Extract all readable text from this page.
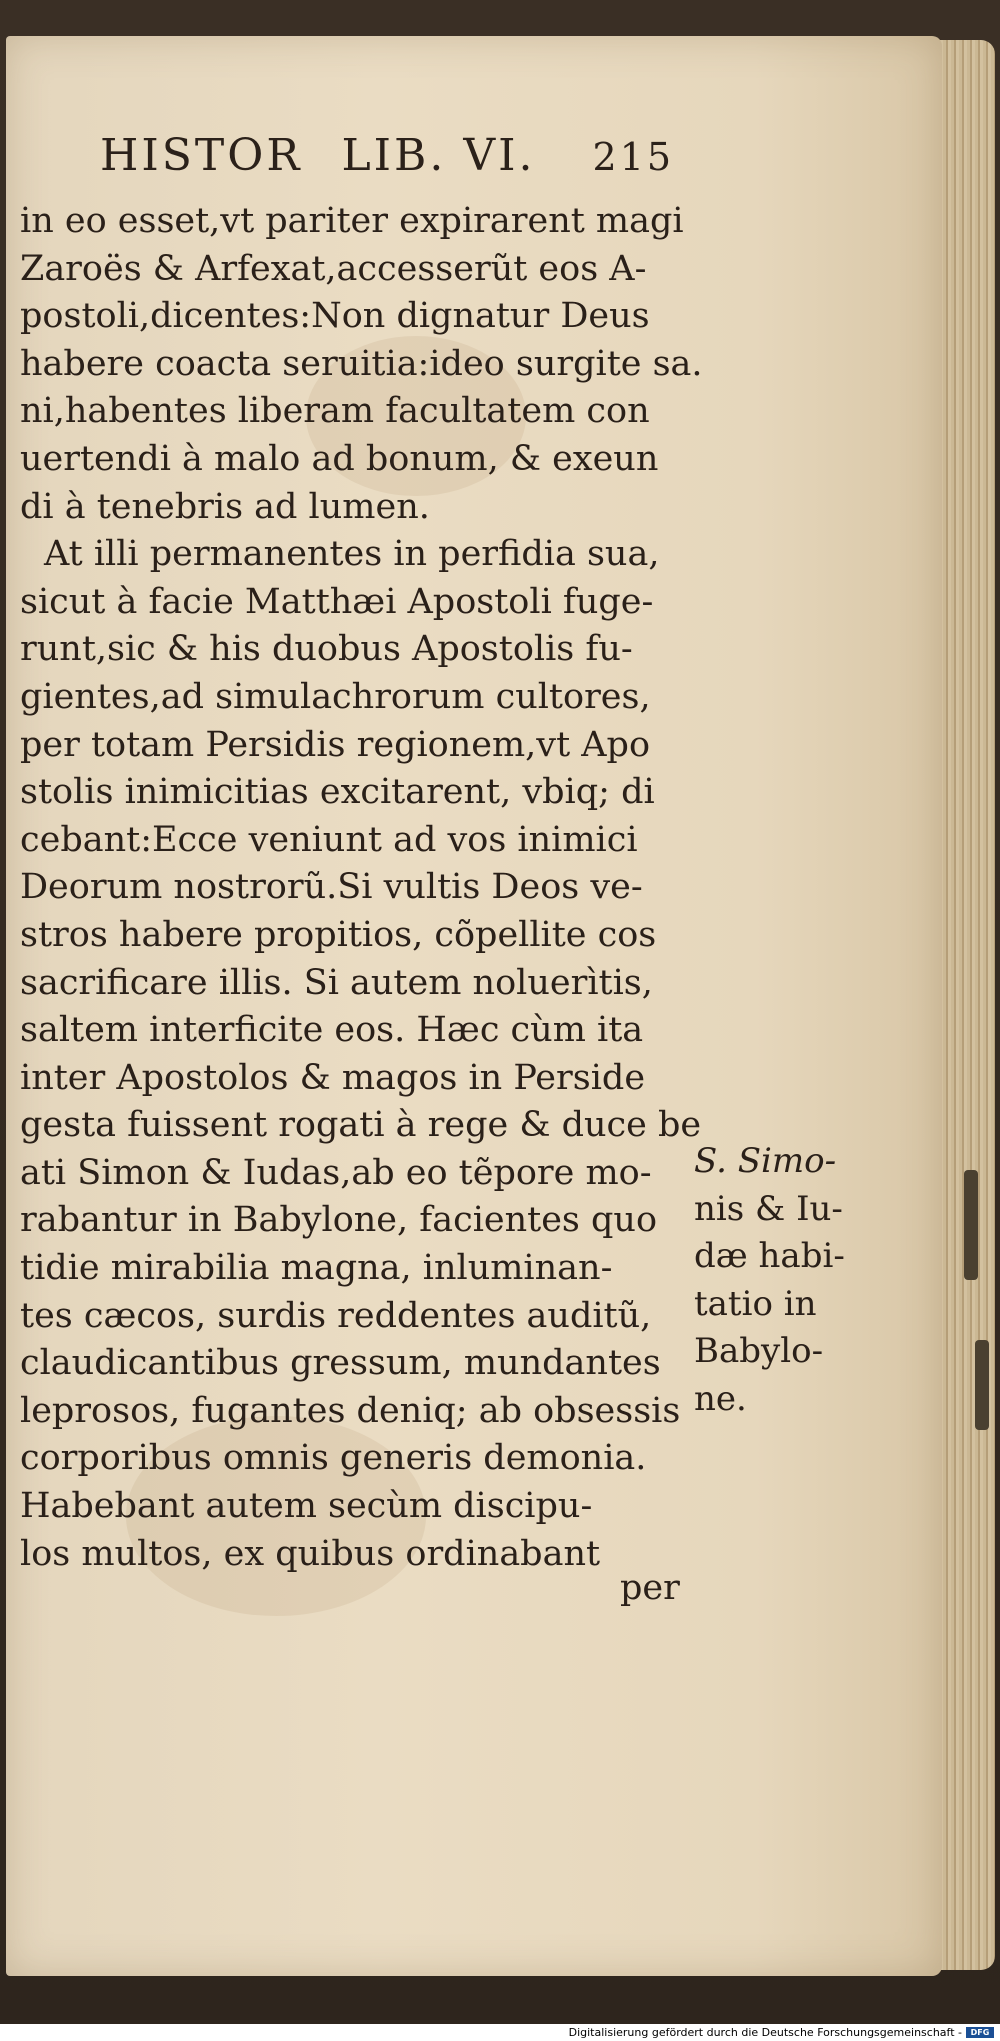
HISTOR LIB. VI. 215
in eo esset,vt pariter expirarent magi
Zaroës & Arfexat,accesserũt eos A-
postoli,dicentes:Non dignatur Deus
habere coacta seruitia:ideo surgite sa.
ni,habentes liberam facultatem con
uertendi à malo ad bonum, & exeun
di à tenebris ad lumen.
At illi permanentes in perfidia sua,
sicut à facie Matthæi Apostoli fuge-
runt,sic & his duobus Apostolis fu-
gientes,ad simulachrorum cultores,
per totam Persidis regionem,vt Apo
stolis inimicitias excitarent, vbiq; di
cebant:Ecce veniunt ad vos inimici
Deorum nostrorũ.Si vultis Deos ve-
stros habere propitios, cõpellite cos
sacrificare illis. Si autem noluerìtis,
saltem interficite eos. Hæc cùm ita
inter Apostolos & magos in Perside
gesta fuissent rogati à rege & duce be
ati Simon & Iudas,ab eo tẽpore mo-
rabantur in Babylone, facientes quo
tidie mirabilia magna, inluminan-
tes cæcos, surdis reddentes auditũ,
claudicantibus gressum, mundantes
leprosos, fugantes deniq; ab obsessis
corporibus omnis generis demonia.
Habebant autem secùm discipu-
los multos, ex quibus ordinabant
per
S. Simo-
nis & Iu-
dæ habi-
tatio in
Babylo-
ne.
Digitalisierung gefördert durch die Deutsche Forschungsgemeinschaft -	DFG
